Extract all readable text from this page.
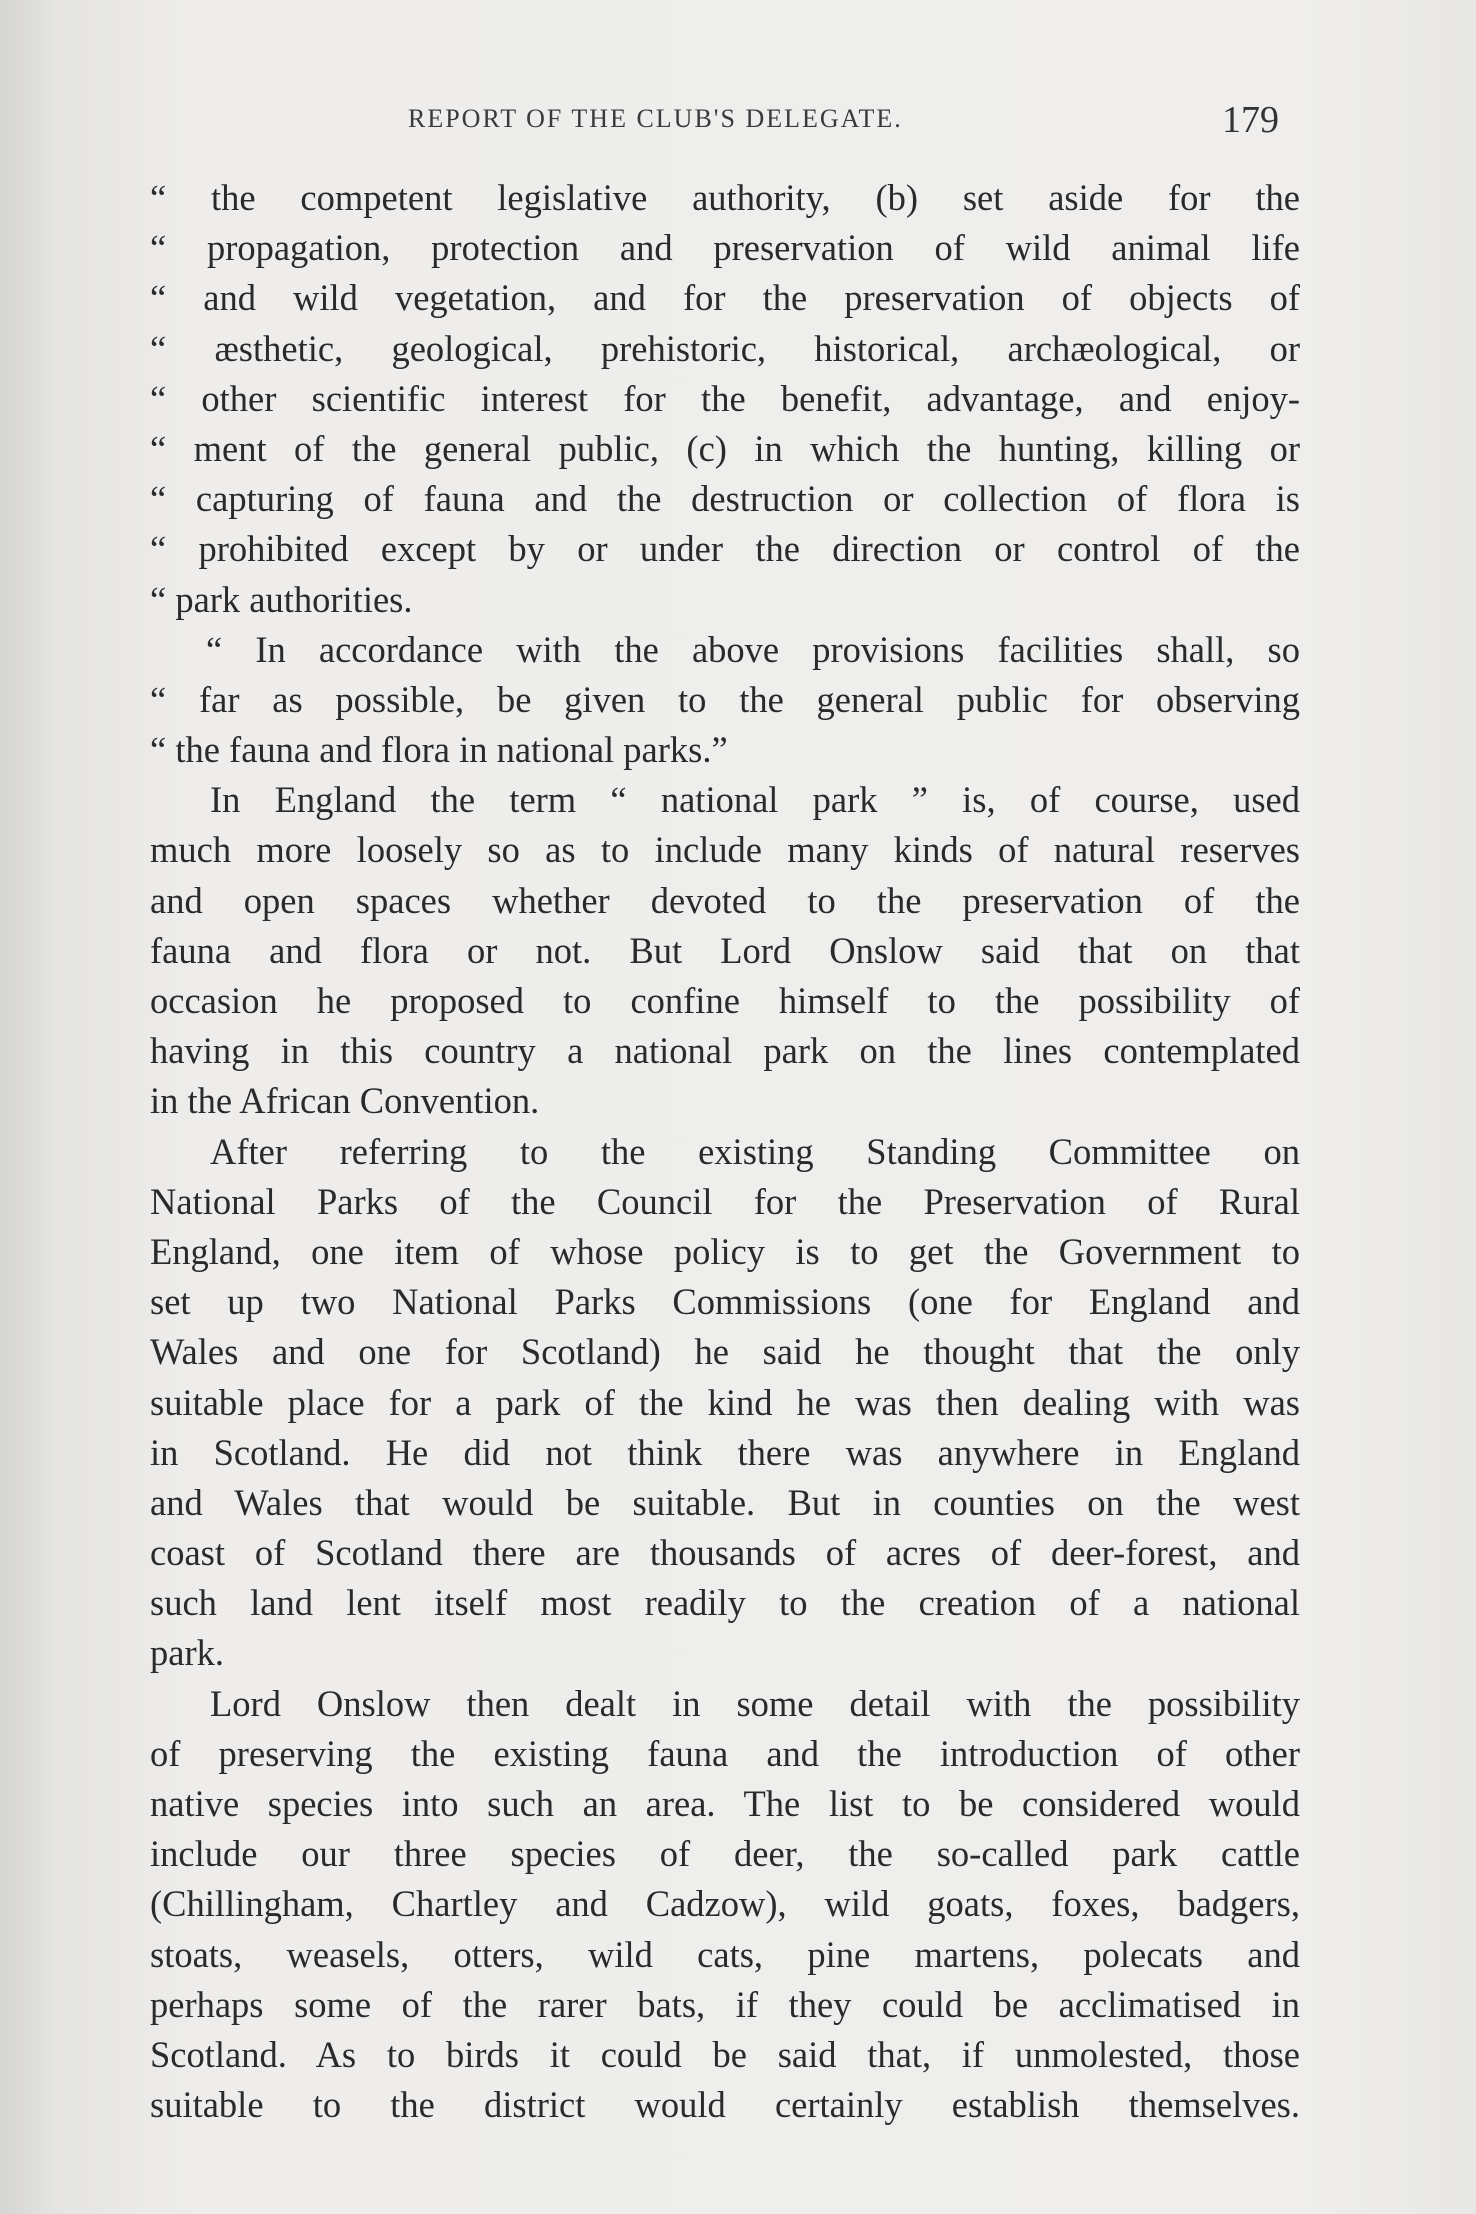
REPORT OF THE CLUB'S DELEGATE.	179
“ the competent legislative authority, (b) set aside for the
“ propagation, protection and preservation of wild animal life
“ and wild vegetation, and for the preservation of objects of
“ æsthetic, geological, prehistoric, historical, archæological, or
“ other scientific interest for the benefit, advantage, and enjoy-
“ ment of the general public, (c) in which the hunting, killing or
“ capturing of fauna and the destruction or collection of flora is
“ prohibited except by or under the direction or control of the
“ park authorities.
“ In accordance with the above provisions facilities shall, so
“ far as possible, be given to the general public for observing
“ the fauna and flora in national parks.”
In England the term “ national park ” is, of course, used
much more loosely so as to include many kinds of natural reserves
and open spaces whether devoted to the preservation of the
fauna and flora or not. But Lord Onslow said that on that
occasion he proposed to confine himself to the possibility of
having in this country a national park on the lines contemplated
in the African Convention.
After referring to the existing Standing Committee on
National Parks of the Council for the Preservation of Rural
England, one item of whose policy is to get the Government to
set up two National Parks Commissions (one for England and
Wales and one for Scotland) he said he thought that the only
suitable place for a park of the kind he was then dealing with was
in Scotland. He did not think there was anywhere in England
and Wales that would be suitable. But in counties on the west
coast of Scotland there are thousands of acres of deer-forest, and
such land lent itself most readily to the creation of a national
park.
Lord Onslow then dealt in some detail with the possibility
of preserving the existing fauna and the introduction of other
native species into such an area. The list to be considered would
include our three species of deer, the so-called park cattle
(Chillingham, Chartley and Cadzow), wild goats, foxes, badgers,
stoats, weasels, otters, wild cats, pine martens, polecats and
perhaps some of the rarer bats, if they could be acclimatised in
Scotland. As to birds it could be said that, if unmolested, those
suitable to the district would certainly establish themselves.
